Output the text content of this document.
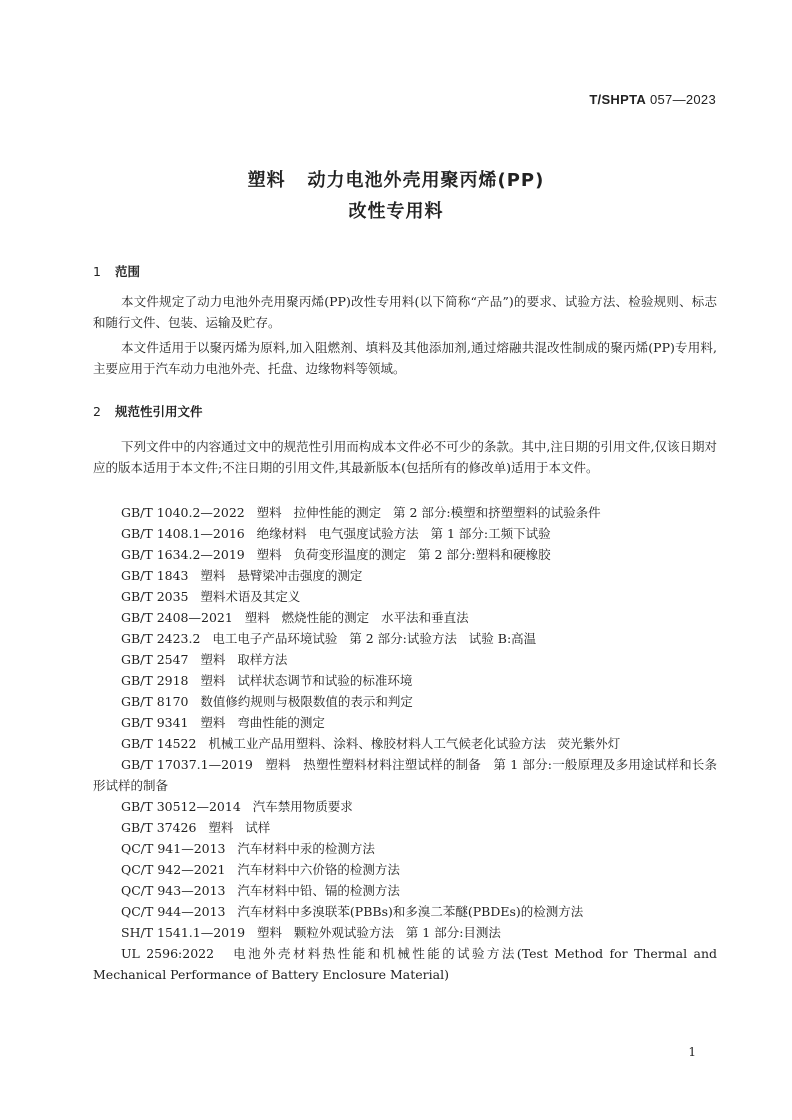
T/SHPTA 057—2023
塑料   动力电池外壳用聚丙烯(PP)
改性专用料
1 范围

本文件规定了动力电池外壳用聚丙烯(PP)改性专用料(以下简称“产品”)的要求、试验方法、检验规则、标志和随行文件、包装、运输及贮存。

本文件适用于以聚丙烯为原料,加入阻燃剂、填料及其他添加剂,通过熔融共混改性制成的聚丙烯(PP)专用料,主要应用于汽车动力电池外壳、托盘、边缘物料等领域。

2 规范性引用文件

下列文件中的内容通过文中的规范性引用而构成本文件必不可少的条款。其中,注日期的引用文件,仅该日期对应的版本适用于本文件;不注日期的引用文件,其最新版本(包括所有的修改单)适用于本文件。

GB/T 1040.2—2022   塑料   拉伸性能的测定   第 2 部分:模塑和挤塑塑料的试验条件

GB/T 1408.1—2016   绝缘材料   电气强度试验方法   第 1 部分:工频下试验

GB/T 1634.2—2019   塑料   负荷变形温度的测定   第 2 部分:塑料和硬橡胶

GB/T 1843   塑料   悬臂梁冲击强度的测定

GB/T 2035   塑料术语及其定义

GB/T 2408—2021   塑料   燃烧性能的测定   水平法和垂直法

GB/T 2423.2   电工电子产品环境试验   第 2 部分:试验方法   试验 B:高温

GB/T 2547   塑料   取样方法

GB/T 2918   塑料   试样状态调节和试验的标准环境

GB/T 8170   数值修约规则与极限数值的表示和判定

GB/T 9341   塑料   弯曲性能的测定

GB/T 14522   机械工业产品用塑料、涂料、橡胶材料人工气候老化试验方法   荧光紫外灯

GB/T 17037.1—2019   塑料   热塑性塑料材料注塑试样的制备   第 1 部分:一般原理及多用途试样和长条形试样的制备

GB/T 30512—2014   汽车禁用物质要求

GB/T 37426   塑料   试样

QC/T 941—2013   汽车材料中汞的检测方法

QC/T 942—2021   汽车材料中六价铬的检测方法

QC/T 943—2013   汽车材料中铅、镉的检测方法

QC/T 944—2013   汽车材料中多溴联苯(PBBs)和多溴二苯醚(PBDEs)的检测方法

SH/T 1541.1—2019   塑料   颗粒外观试验方法   第 1 部分:目测法

UL 2596:2022   电池外壳材料热性能和机械性能的试验方法(Test Method for Thermal and Mechanical Performance of Battery Enclosure Material)

1
